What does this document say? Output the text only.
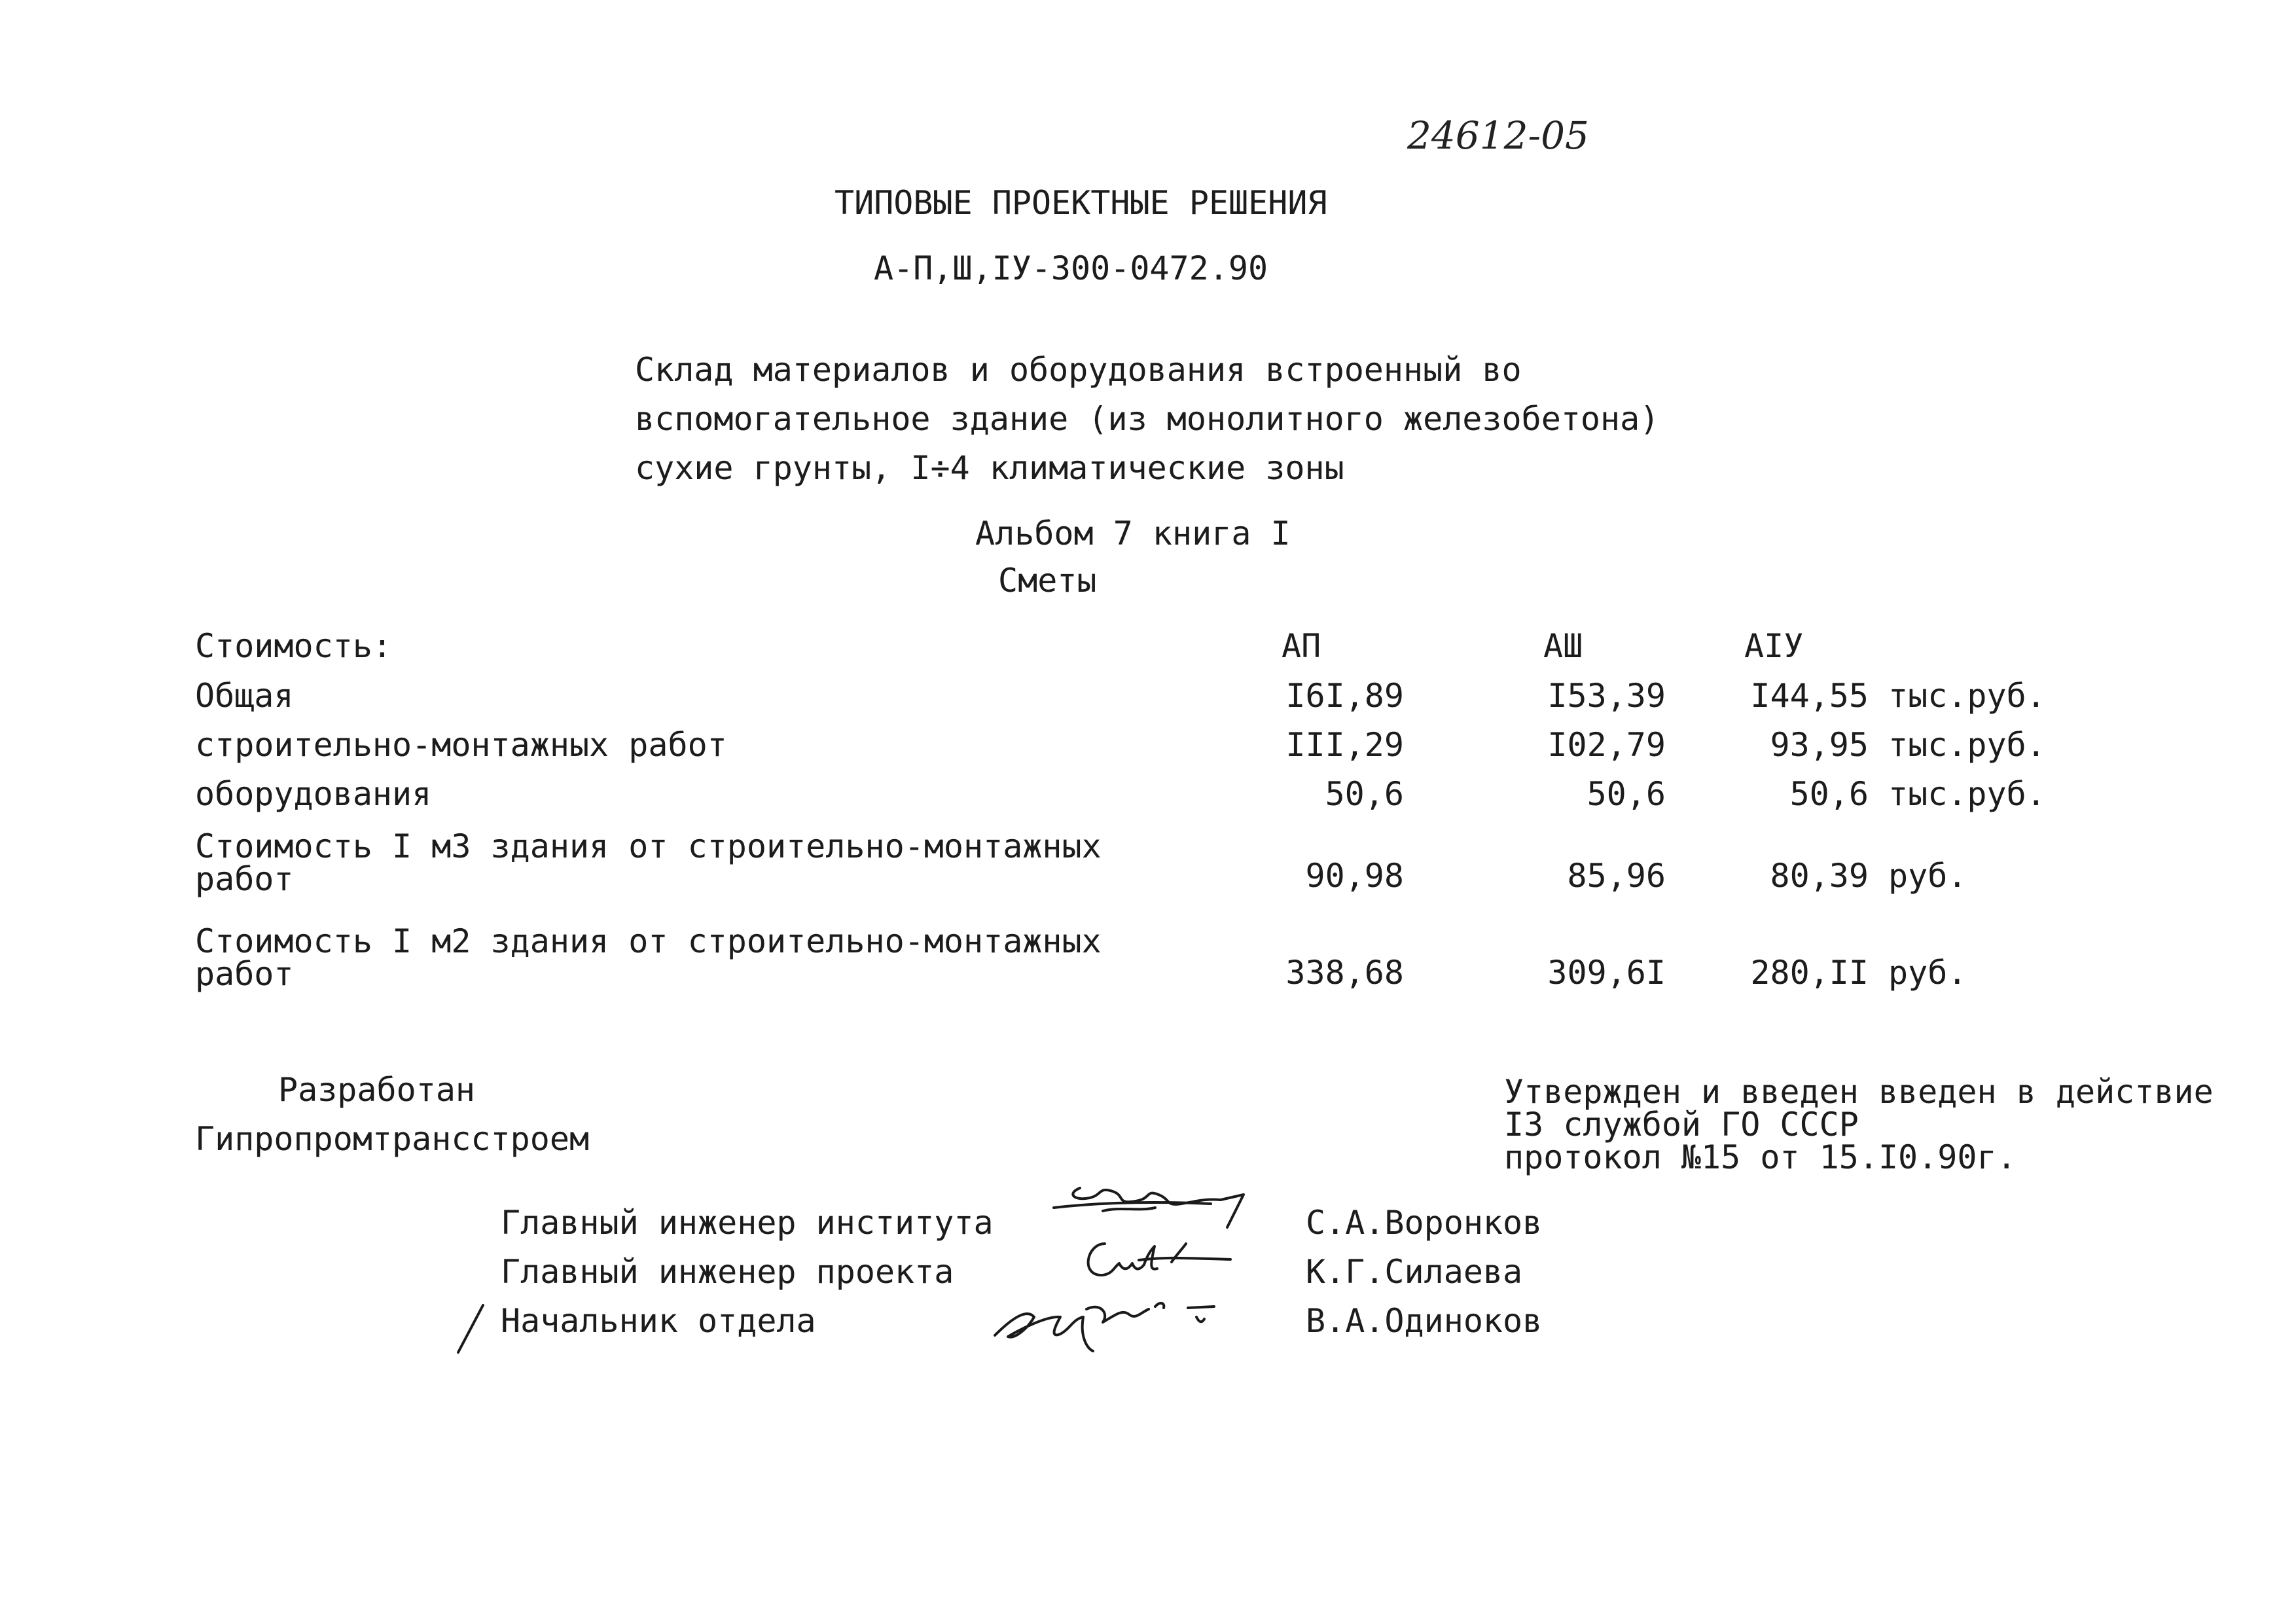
24612-05
ТИПОВЫЕ ПРОЕКТНЫЕ РЕШЕНИЯ
А-П,Ш,IУ-300-0472.90
Склад материалов и оборудования встроенный во
вспомогательное здание (из монолитного железобетона)
сухие грунты, I÷4 климатические зоны
Альбом 7 книга I
Сметы
Стоимость:	АП	АШ	АIУ
Общая	I6I,89	I53,39	I44,55 тыс.руб.
строительно-монтажных работ	III,29	I02,79	93,95 тыс.руб.
оборудования	50,6	50,6	50,6 тыс.руб.
Стоимость I м3 здания от строительно-монтажных
работ	90,98	85,96	80,39 руб.
Стоимость I м2 здания от строительно-монтажных
работ	338,68	309,6I	280,II руб.
Разработан
Гипропромтрансстроем
Утвержден и введен введен в действие
I3 службой ГО СССР
протокол №15 от 15.I0.90г.
Главный инженер института	С.А.Воронков
Главный инженер проекта	К.Г.Силаева
Начальник отдела	В.А.Одиноков
